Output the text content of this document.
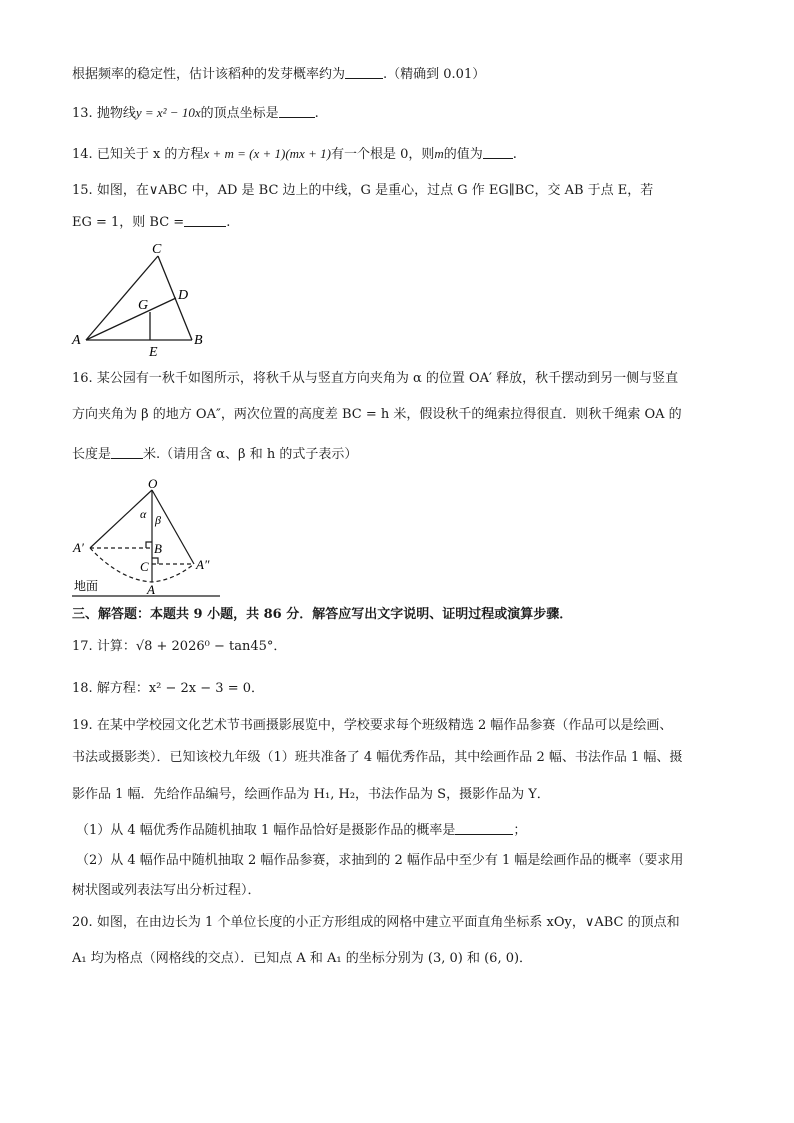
根据频率的稳定性，估计该稻种的发芽概率约为	.（精确到 0.01）
13. 抛物线y = x² − 10x的顶点坐标是	.
14. 已知关于 x 的方程x + m = (x + 1)(mx + 1)有一个根是 0，则m的值为 .
15. 如图，在∨ABC 中，AD 是 BC 边上的中线，G 是重心，过点 G 作 EG∥BC，交 AB 于点 E，若
EG = 1，则 BC =	.
C
D
G
A	B
E
16. 某公园有一秋千如图所示，将秋千从与竖直方向夹角为 α 的位置 OA′ 释放，秋千摆动到另一侧与竖直
方向夹角为 β 的地方 OA″，两次位置的高度差 BC = h 米，假设秋千的绳索拉得很直．则秋千绳索 OA 的
长度是 米.（请用含 α、β 和 h 的式子表示）
O
α β
A′	B
C	A″
地面	A
三、解答题：本题共 9 小题，共 86 分．解答应写出文字说明、证明过程或演算步骤．
17. 计算：√8 + 2026⁰ − tan45°．
18. 解方程：x² − 2x − 3 = 0．
19. 在某中学校园文化艺术节书画摄影展览中，学校要求每个班级精选 2 幅作品参赛（作品可以是绘画、
书法或摄影类）．已知该校九年级（1）班共准备了 4 幅优秀作品，其中绘画作品 2 幅、书法作品 1 幅、摄
影作品 1 幅．先给作品编号，绘画作品为 H₁, H₂，书法作品为 S，摄影作品为 Y．
（1）从 4 幅优秀作品随机抽取 1 幅作品恰好是摄影作品的概率是	；
（2）从 4 幅作品中随机抽取 2 幅作品参赛，求抽到的 2 幅作品中至少有 1 幅是绘画作品的概率（要求用
树状图或列表法写出分析过程）．
20. 如图，在由边长为 1 个单位长度的小正方形组成的网格中建立平面直角坐标系 xOy，∨ABC 的顶点和
A₁ 均为格点（网格线的交点）．已知点 A 和 A₁ 的坐标分别为 (3, 0) 和 (6, 0)．
